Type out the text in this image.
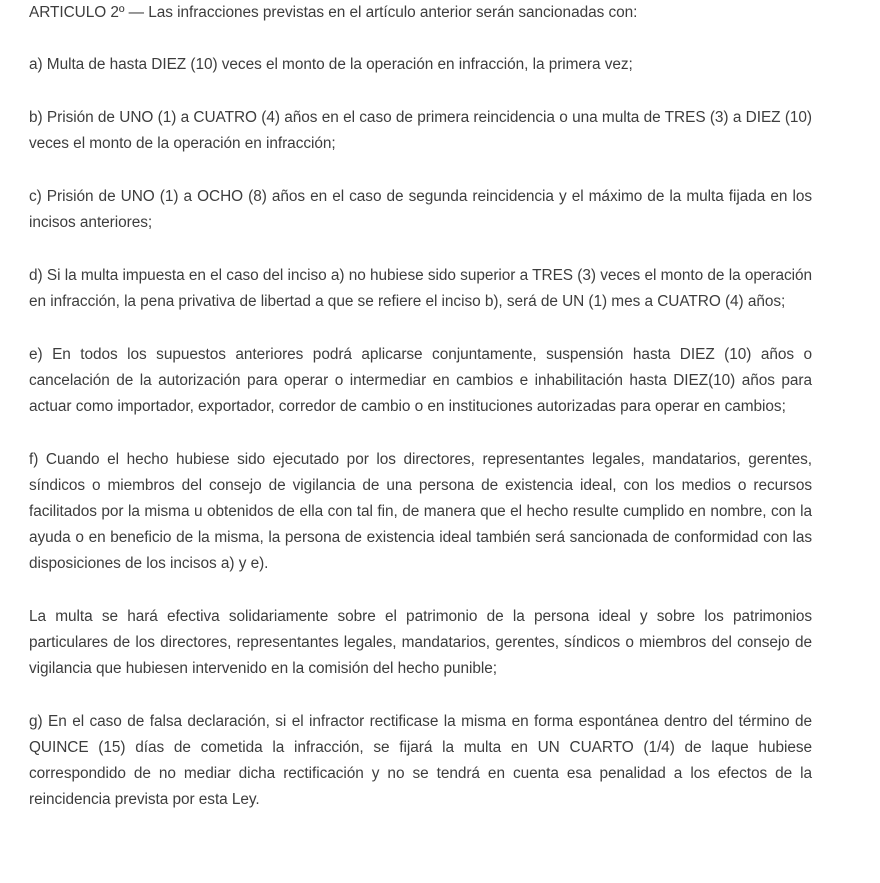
ARTICULO 2º — Las infracciones previstas en el artículo anterior serán sancionadas con:

a) Multa de hasta DIEZ (10) veces el monto de la operación en infracción, la primera vez;

b) Prisión de UNO (1) a CUATRO (4) años en el caso de primera reincidencia o una multa de TRES (3) a DIEZ (10) veces el monto de la operación en infracción;

c) Prisión de UNO (1) a OCHO (8) años en el caso de segunda reincidencia y el máximo de la multa fijada en los incisos anteriores;

d) Si la multa impuesta en el caso del inciso a) no hubiese sido superior a TRES (3) veces el monto de la operación en infracción, la pena privativa de libertad a que se refiere el inciso b), será de UN (1) mes a CUATRO (4) años;

e) En todos los supuestos anteriores podrá aplicarse conjuntamente, suspensión hasta DIEZ (10) años o cancelación de la autorización para operar o intermediar en cambios e inhabilitación hasta DIEZ(10) años para actuar como importador, exportador, corredor de cambio o en instituciones autorizadas para operar en cambios;

f) Cuando el hecho hubiese sido ejecutado por los directores, representantes legales, mandatarios, gerentes, síndicos o miembros del consejo de vigilancia de una persona de existencia ideal, con los medios o recursos facilitados por la misma u obtenidos de ella con tal fin, de manera que el hecho resulte cumplido en nombre, con la ayuda o en beneficio de la misma, la persona de existencia ideal también será sancionada de conformidad con las disposiciones de los incisos a) y e).

La multa se hará efectiva solidariamente sobre el patrimonio de la persona ideal y sobre los patrimonios particulares de los directores, representantes legales, mandatarios, gerentes, síndicos o miembros del consejo de vigilancia que hubiesen intervenido en la comisión del hecho punible;

g) En el caso de falsa declaración, si el infractor rectificase la misma en forma espontánea dentro del término de QUINCE (15) días de cometida la infracción, se fijará la multa en UN CUARTO (1/4) de laque hubiese correspondido de no mediar dicha rectificación y no se tendrá en cuenta esa penalidad a los efectos de la reincidencia prevista por esta Ley.
